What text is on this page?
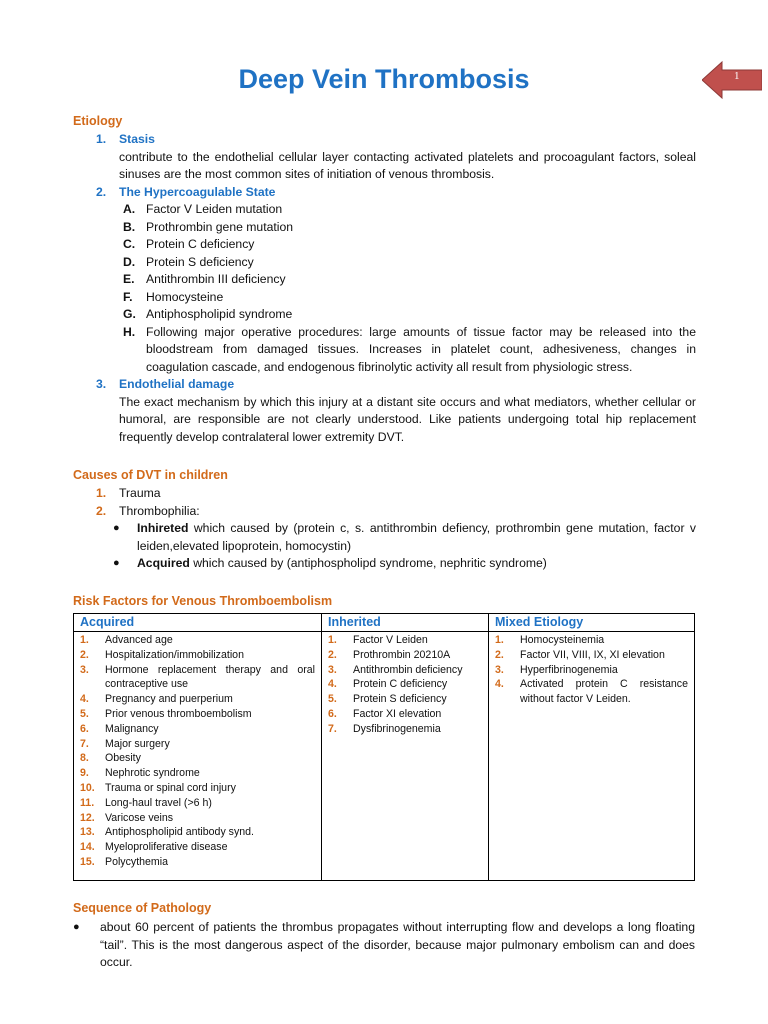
1
Deep Vein Thrombosis
Etiology
1.	Stasis
contribute to the endothelial cellular layer contacting activated platelets and procoagulant factors, soleal sinuses are the most common sites of initiation of venous thrombosis.
2.	The Hypercoagulable State
A. Factor V Leiden mutation
B. Prothrombin gene mutation
C. Protein C deficiency
D. Protein S deficiency
E. Antithrombin III deficiency
F.	Homocysteine
G. Antiphospholipid syndrome
H. Following major operative procedures: large amounts of tissue factor may be released into the bloodstream from damaged tissues. Increases in platelet count, adhesiveness, changes in coagulation cascade, and endogenous fibrinolytic activity all result from physiologic stress.
3.	Endothelial damage
The exact mechanism by which this injury at a distant site occurs and what mediators, whether cellular or humoral, are responsible are not clearly understood. Like patients undergoing total hip replacement frequently develop contralateral lower extremity DVT.
Causes of DVT in children
1.	Trauma
2.	Thrombophilia:
●	Inhireted which caused by (protein c, s. antithrombin defiency, prothrombin gene mutation, factor v leiden,elevated lipoprotein, homocystin)
●	Acquired which caused by (antiphospholipd syndrome, nephritic syndrome)
Risk Factors for Venous Thromboembolism
Acquired
1.	Advanced age
2.	Hospitalization/immobilization
3.	Hormone replacement therapy and oral contraceptive use
4.	Pregnancy and puerperium
5.	Prior venous thromboembolism
6.	Malignancy
7.	Major surgery
8.	Obesity
9.	Nephrotic syndrome
10. Trauma or spinal cord injury
11.	Long-haul travel (>6 h)
12. Varicose veins
13. Antiphospholipid antibody synd.
14. Myeloproliferative disease
15. Polycythemia
Inherited
1.	Factor V Leiden
2.	Prothrombin 20210A
3.	Antithrombin deficiency
4.	Protein C deficiency
5.	Protein S deficiency
6.	Factor XI elevation
7.	Dysfibrinogenemia
Mixed Etiology
1.	Homocysteinemia
2.	Factor VII, VIII, IX, XI elevation
3.	Hyperfibrinogenemia
4.	Activated protein C resistance without factor V Leiden.
Sequence of Pathology
●	about 60 percent of patients the thrombus propagates without interrupting flow and develops a long floating “tail”. This is the most dangerous aspect of the disorder, because major pulmonary embolism can and does occur.
